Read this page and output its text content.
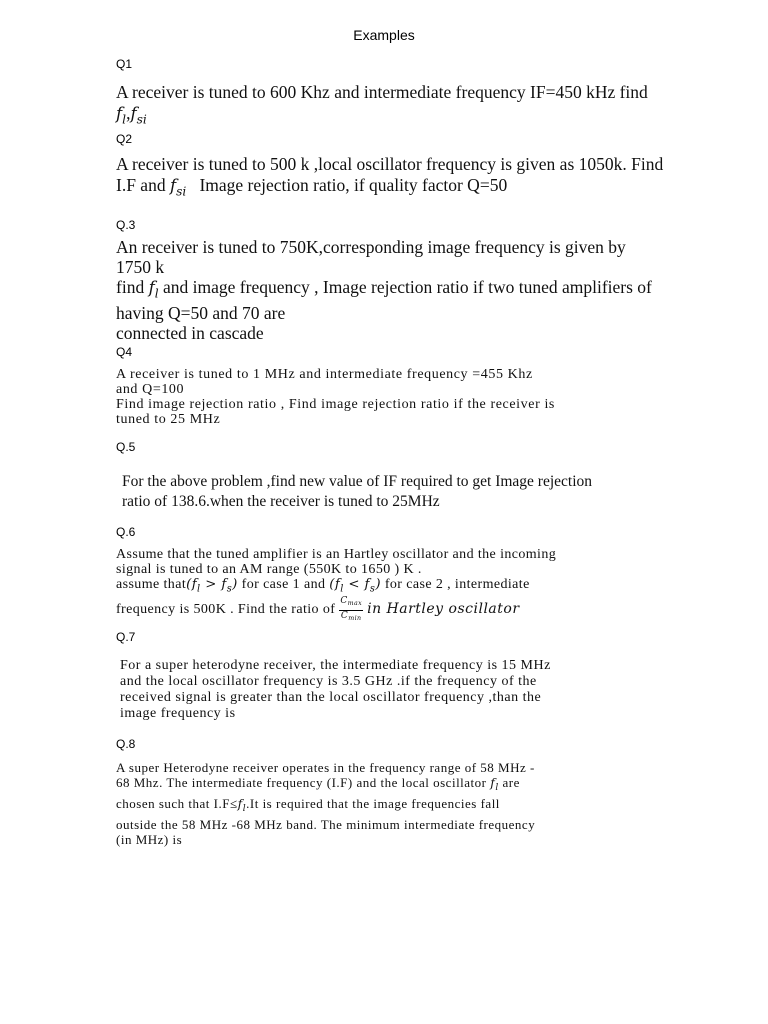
Examples
Q1
A receiver is tuned to 600 Khz and intermediate frequency IF=450 kHz find
$f_l,f_{si}$
Q2
A receiver is tuned to 500 k ,local oscillator frequency is given as 1050k. Find
I.F and $f_{si}$ Image rejection ratio, if quality factor Q=50
Q.3
An receiver is tuned to 750K,corresponding image frequency is given by
1750 k
find $f_l$ and image frequency , Image rejection ratio if two tuned amplifiers of
having Q=50 and 70 are
connected in cascade
Q4
A receiver is tuned to 1 MHz and intermediate frequency =455 Khz
and Q=100
Find image rejection ratio , Find image rejection ratio if the receiver is
tuned to 25 MHz
Q.5
For the above problem ,find new value of IF required to get Image rejection
ratio of 138.6.when the receiver is tuned to 25MHz
Q.6
Assume that the tuned amplifier is an Hartley oscillator and the incoming
signal is tuned to an AM range (550K to 1650 ) K .
assume $that(f_l > f_s)$ for case 1 and $(f_l < f_s)$ for case 2 , intermediate
frequency is 500K . Find the ratio of $\frac{C_{max}}{C_{min}}$ in Hartley oscillator
Q.7
For a super heterodyne receiver, the intermediate frequency is 15 MHz
and the local oscillator frequency is 3.5 GHz .if the frequency of the
received signal is greater than the local oscillator frequency ,than the
image frequency is
Q.8
A super Heterodyne receiver operates in the frequency range of 58 MHz -
68 Mhz. The intermediate frequency (I.F) and the local oscillator $f_l$ are
chosen such that $I.F\le f_l.It$ is required that the image frequencies fall
outside the 58 MHz -68 MHz band. The minimum intermediate frequency
(in MHz) is
